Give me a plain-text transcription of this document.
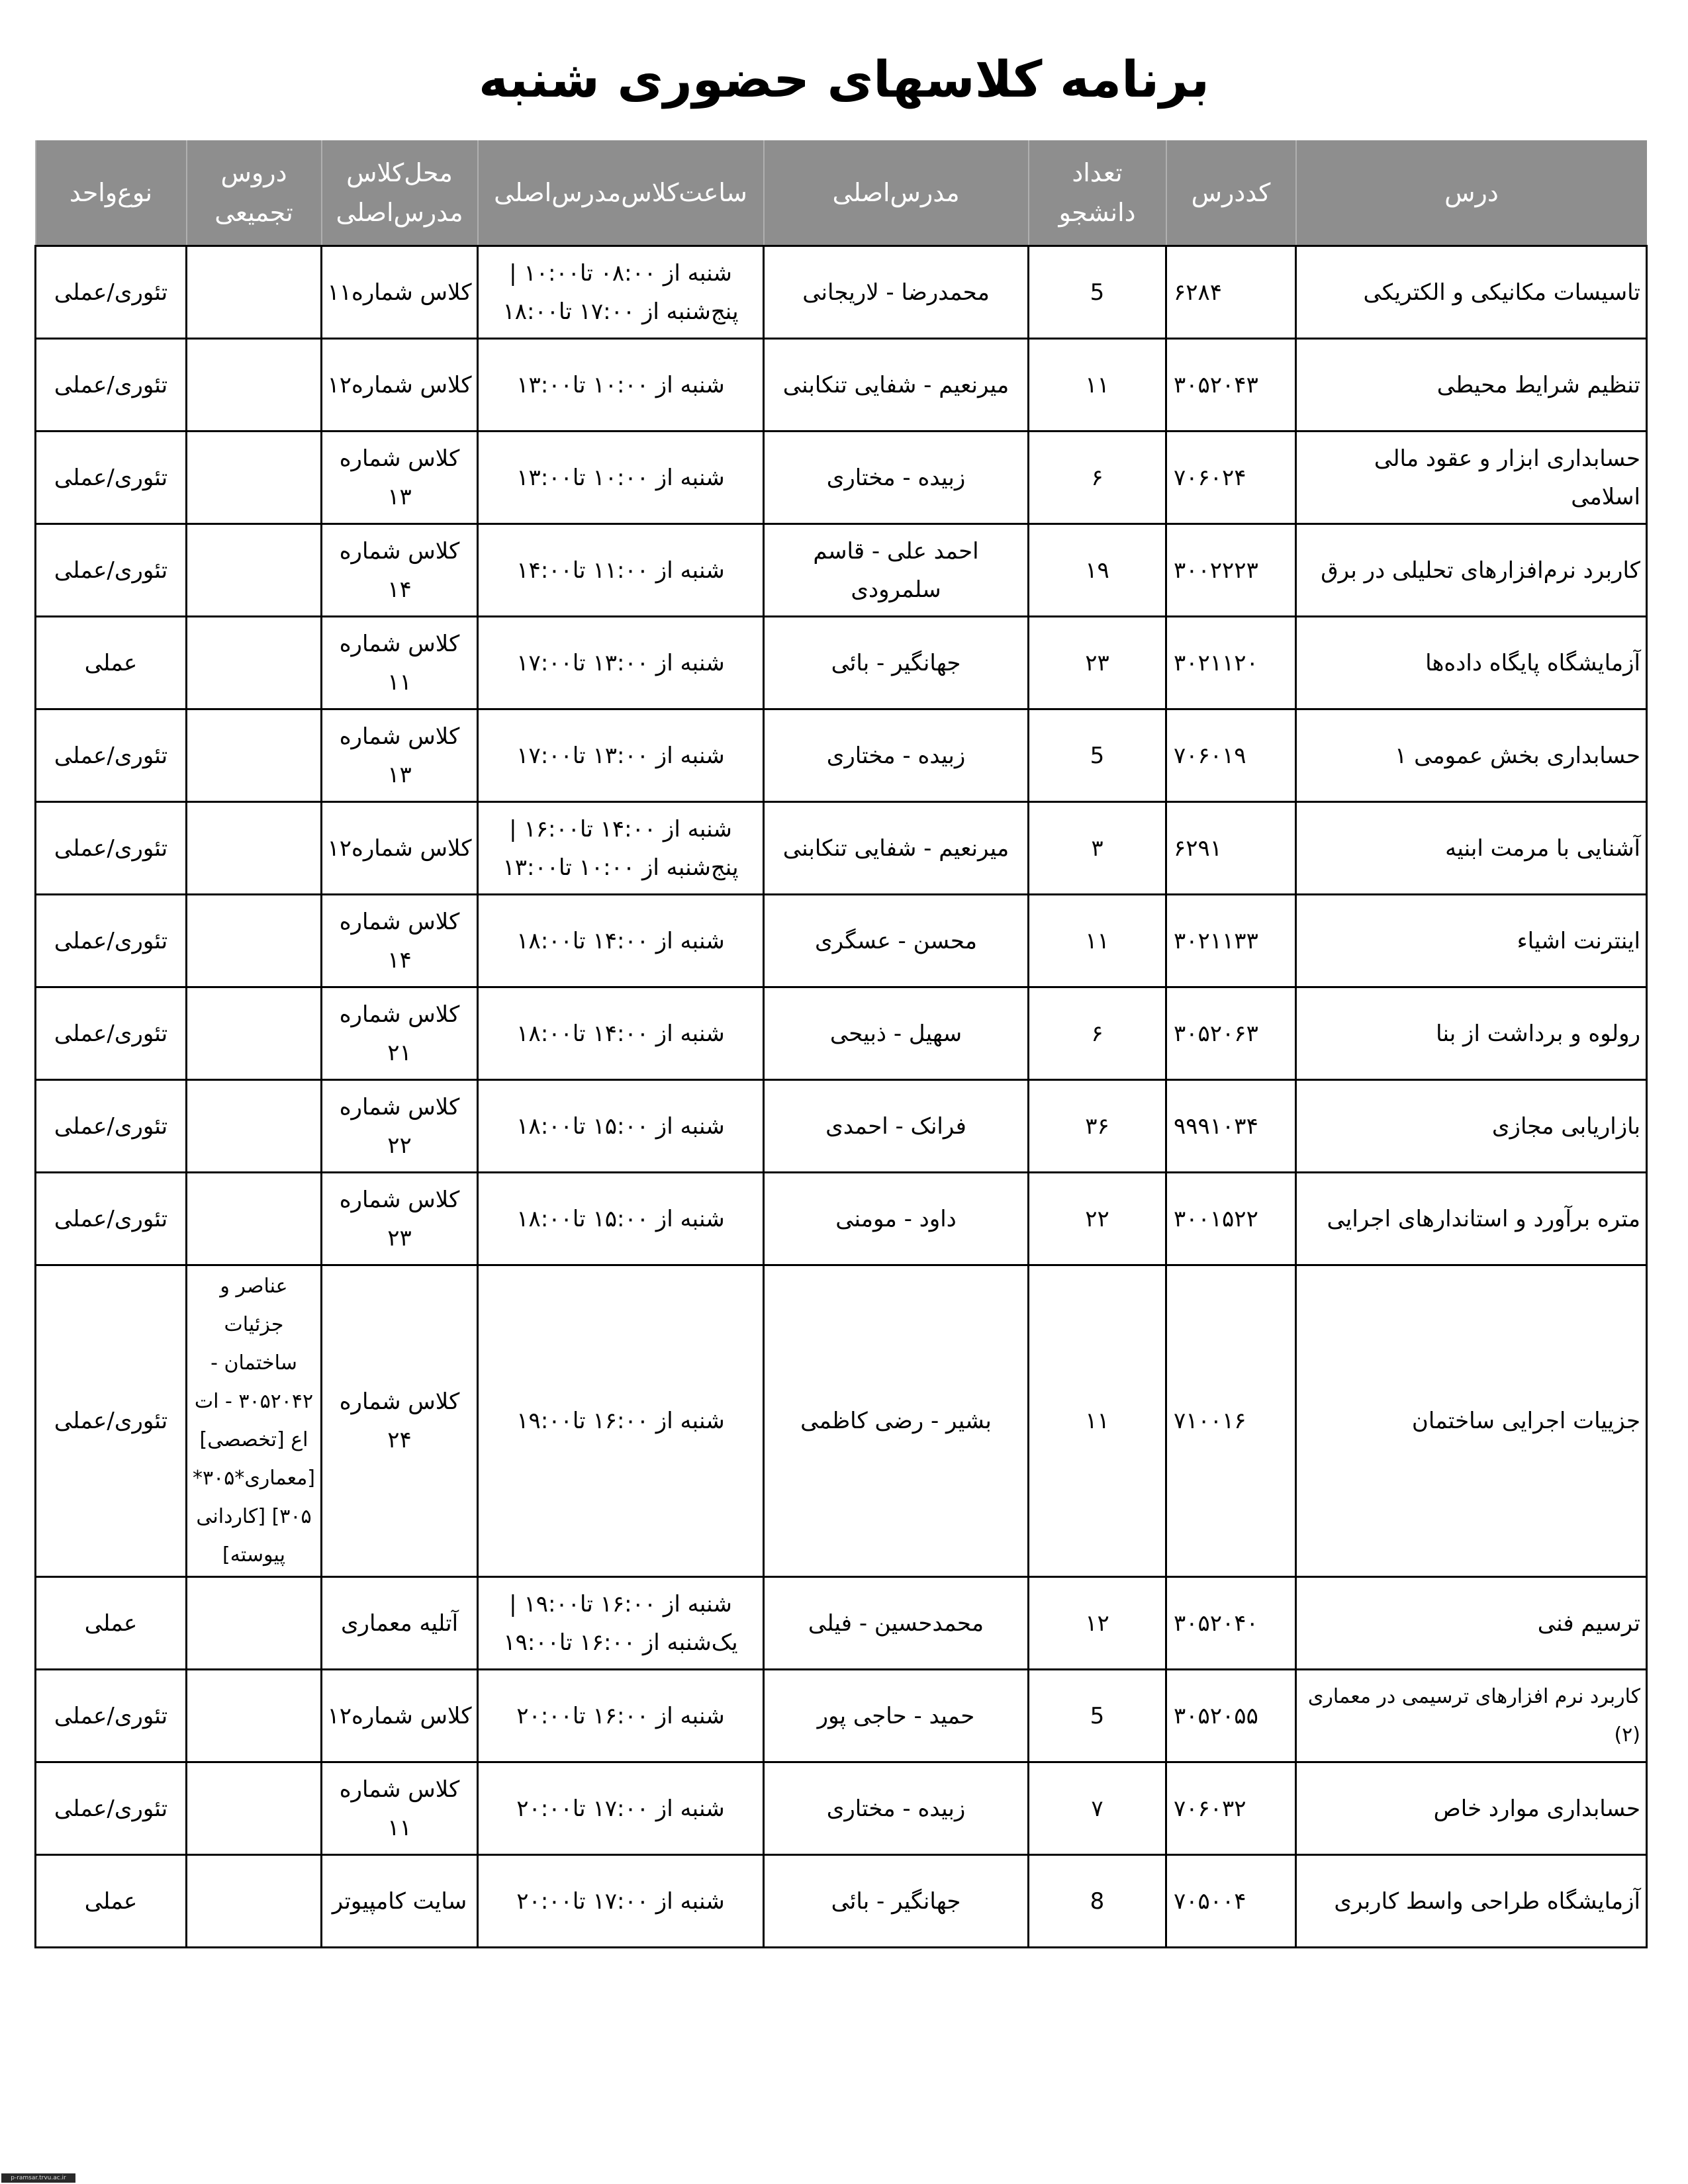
برنامه کلاسهای حضوری شنبه
درس	کددرس	تعداد دانشجو	مدرس‌اصلی	ساعت‌کلاس‌مدرس‌اصلی	محل‌کلاس مدرس‌اصلی	دروس تجمیعی	نوع‌واحد
تاسیسات مکانیکی و الکتریکی	۶۲۸۴	5	محمدرضا - لاریجانی	شنبه از ۰۸:۰۰ تا۱۰:۰۰ | پنج‌شنبه از ۱۷:۰۰ تا۱۸:۰۰	کلاس شماره۱۱		تئوری/عملی
تنظیم شرایط محیطی	۳۰۵۲۰۴۳	۱۱	میرنعیم - شفایی تنکابنی	شنبه از ۱۰:۰۰ تا۱۳:۰۰	کلاس شماره۱۲		تئوری/عملی
حسابداری ابزار و عقود مالی اسلامی	۷۰۶۰۲۴	۶	زبیده - مختاری	شنبه از ۱۰:۰۰ تا۱۳:۰۰	کلاس شماره ۱۳		تئوری/عملی
کاربرد نرم‌افزارهای تحلیلی در برق	۳۰۰۲۲۲۳	۱۹	احمد علی - قاسم سلمرودی	شنبه از ۱۱:۰۰ تا۱۴:۰۰	کلاس شماره ۱۴		تئوری/عملی
آزمایشگاه پایگاه داده‌ها	۳۰۲۱۱۲۰	۲۳	جهانگیر - بائی	شنبه از ۱۳:۰۰ تا۱۷:۰۰	کلاس شماره ۱۱		عملی
حسابداری بخش عمومی ۱	۷۰۶۰۱۹	5	زبیده - مختاری	شنبه از ۱۳:۰۰ تا۱۷:۰۰	کلاس شماره ۱۳		تئوری/عملی
آشنایی با مرمت ابنیه	۶۲۹۱	۳	میرنعیم - شفایی تنکابنی	شنبه از ۱۴:۰۰ تا۱۶:۰۰ | پنج‌شنبه از ۱۰:۰۰ تا۱۳:۰۰	کلاس شماره۱۲		تئوری/عملی
اینترنت اشیاء	۳۰۲۱۱۳۳	۱۱	محسن - عسگری	شنبه از ۱۴:۰۰ تا۱۸:۰۰	کلاس شماره ۱۴		تئوری/عملی
رولوه و برداشت از بنا	۳۰۵۲۰۶۳	۶	سهیل - ذبیحی	شنبه از ۱۴:۰۰ تا۱۸:۰۰	کلاس شماره ۲۱		تئوری/عملی
بازاریابی مجازی	۹۹۹۱۰۳۴	۳۶	فرانک - احمدی	شنبه از ۱۵:۰۰ تا۱۸:۰۰	کلاس شماره ۲۲		تئوری/عملی
متره برآورد و استاندارهای اجرایی	۳۰۰۱۵۲۲	۲۲	داود - مومنی	شنبه از ۱۵:۰۰ تا۱۸:۰۰	کلاس شماره ۲۳		تئوری/عملی
جزییات اجرایی ساختمان	۷۱۰۰۱۶	۱۱	بشیر - رضی کاظمی	شنبه از ۱۶:۰۰ تا۱۹:۰۰	کلاس شماره ۲۴	عناصر و جزئیات ساختمان - ۳۰۵۲۰۴۲ - ات اع [تخصصی] [معماری*۳۰۵* ۳۰۵] [کاردانی پیوسته]	تئوری/عملی
ترسیم فنی	۳۰۵۲۰۴۰	۱۲	محمدحسین - فیلی	شنبه از ۱۶:۰۰ تا۱۹:۰۰ | یک‌شنبه از ۱۶:۰۰ تا۱۹:۰۰	آتلیه معماری		عملی
کاربرد نرم افزارهای ترسیمی در معماری (۲)	۳۰۵۲۰۵۵	5	حمید - حاجی پور	شنبه از ۱۶:۰۰ تا۲۰:۰۰	کلاس شماره۱۲		تئوری/عملی
حسابداری موارد خاص	۷۰۶۰۳۲	۷	زبیده - مختاری	شنبه از ۱۷:۰۰ تا۲۰:۰۰	کلاس شماره ۱۱		تئوری/عملی
آزمایشگاه طراحی واسط کاربری	۷۰۵۰۰۴	8	جهانگیر - بائی	شنبه از ۱۷:۰۰ تا۲۰:۰۰	سایت کامپیوتر		عملی
p-ramsar.trvu.ac.ir
